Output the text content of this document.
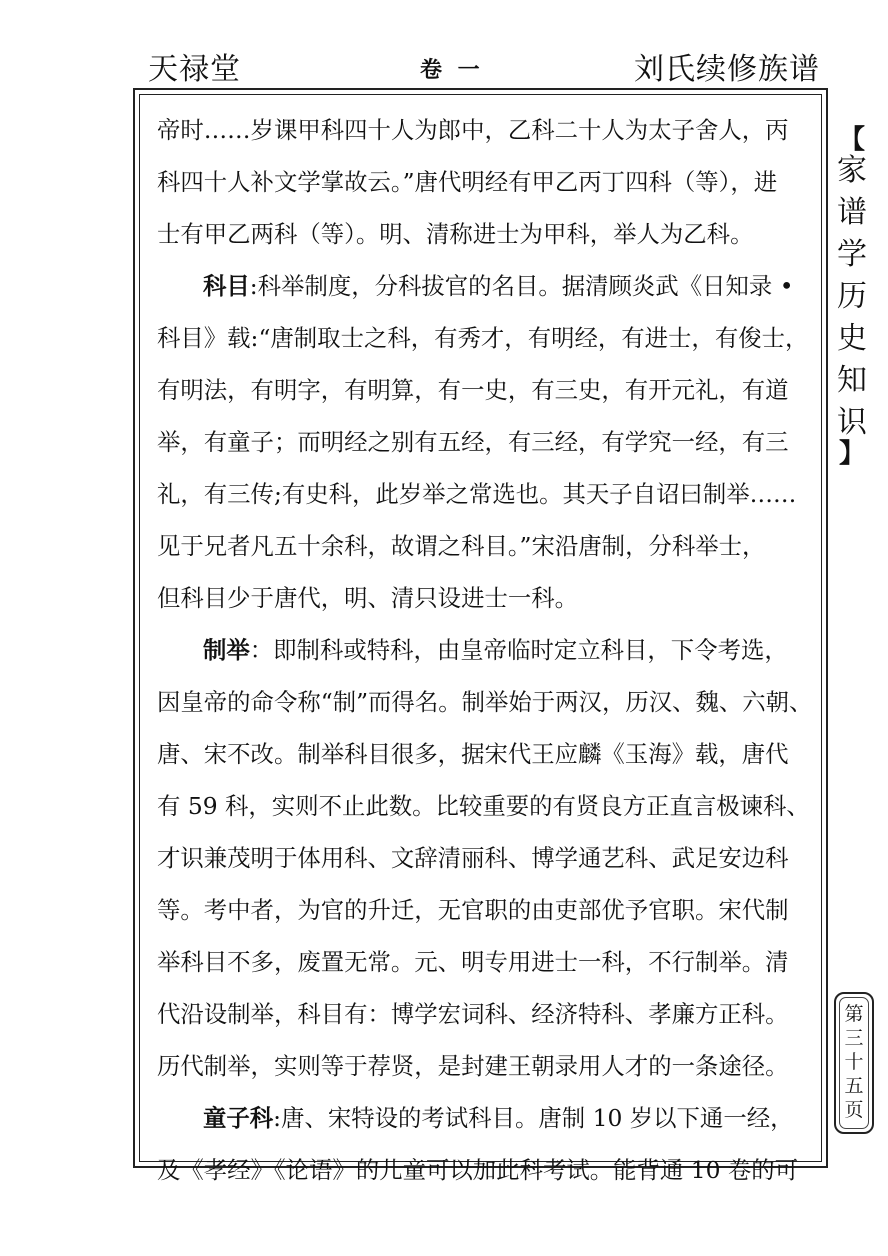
天禄堂	卷 一	刘氏续修族谱
帝时……岁课甲科四十人为郎中，乙科二十人为太子舍人，丙
科四十人补文学掌故云。”唐代明经有甲乙丙丁四科（等），进
士有甲乙两科（等）。明、清称进士为甲科，举人为乙科。
科目:科举制度，分科拔官的名目。据清顾炎武《日知录 •
科目》载:“唐制取士之科，有秀才，有明经，有进士，有俊士，
有明法，有明字，有明算，有一史，有三史，有开元礼，有道
举，有童子；而明经之别有五经，有三经，有学究一经，有三
礼，有三传;有史科，此岁举之常选也。其天子自诏曰制举……
见于兄者凡五十余科，故谓之科目。”宋沿唐制，分科举士，
但科目少于唐代，明、清只设进士一科。
制举：即制科或特科，由皇帝临时定立科目，下令考选，
因皇帝的命令称“制”而得名。制举始于两汉，历汉、魏、六朝、
唐、宋不改。制举科目很多，据宋代王应麟《玉海》载，唐代
有 59 科，实则不止此数。比较重要的有贤良方正直言极谏科、
才识兼茂明于体用科、文辞清丽科、博学通艺科、武足安边科
等。考中者，为官的升迁，无官职的由吏部优予官职。宋代制
举科目不多，废置无常。元、明专用进士一科，不行制举。清
代沿设制举，科目有：博学宏词科、经济特科、孝廉方正科。
历代制举，实则等于荐贤，是封建王朝录用人才的一条途径。
童子科:唐、宋特设的考试科目。唐制 10 岁以下通一经，
及《孝经》《论语》的儿童可以加此科考试。能背通 10 卷的可
【
家
谱
学
历
史
知
识
】
第
三
十
五
页
